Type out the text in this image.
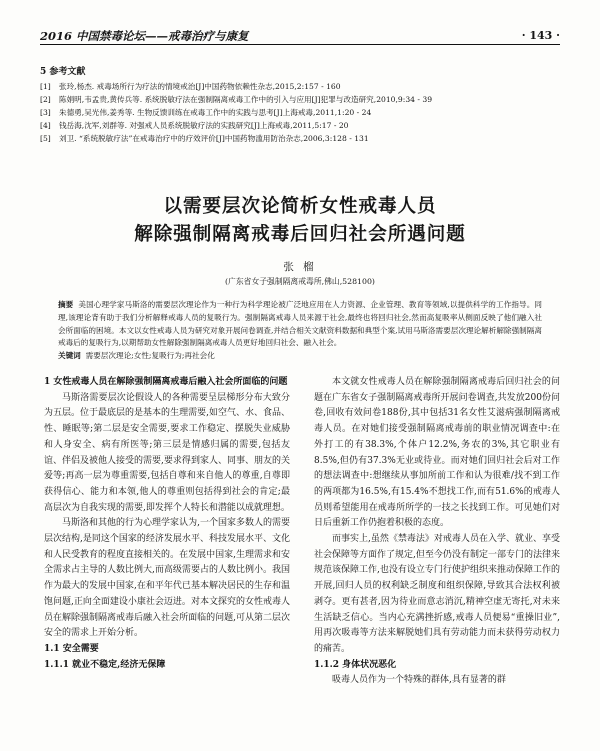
2016 中国禁毒论坛——戒毒治疗与康复	· 143 ·
5 参考文献
[1] 张玲,杨杰. 戒毒场所行为疗法的情境戒治[J]中国药物依赖性杂志,2015,2:157 - 160
[2] 陈娟明,韦孟贵,黄传兵等. 系统脱敏疗法在强制隔离戒毒工作中的引入与应用[J]犯罪与改造研究,2010,9:34 - 39
[3] 朱德勇,吴光伟,姜秀等. 生物反馈训练在戒毒工作中的实践与思考[J]上海戒毒,2011,1:20 - 24
[4] 钱岳海,沈军,刘群等. 对强戒人员系统脱敏疗法的实践研究[J]上海戒毒,2011,5:17 - 20
[5] 刘卫. “系统脱敏疗法”在戒毒治疗中的疗效评价[J]中国药物滥用防治杂志,2006,3:128 - 131
以需要层次论简析女性戒毒人员
解除强制隔离戒毒后回归社会所遇问题
张 榴
(广东省女子强制隔离戒毒所,佛山,528100)
摘要 美国心理学家马斯洛的需要层次理论作为一种行为科学理论被广泛地应用在人力资源、企业管理、教育等领域,以提供科学的工作指导。同理,该理论背有助于我们分析解释戒毒人员的复吸行为。强制隔离戒毒人员来源于社会,最终也将回归社会,然而高复吸率从侧面反映了他们融入社会所面临的困境。本文以女性戒毒人员为研究对象开展问卷调查,并结合相关文献资料数据和典型个案,试用马斯洛需要层次理论解析解除强制隔离戒毒后的复吸行为,以期帮助女性解除强制隔离戒毒人员更好地回归社会、融入社会。
关键词 需要层次理论;女性;复吸行为;再社会化
1 女性戒毒人员在解除强制隔离戒毒后融入社会所面临的问题

马斯洛需要层次论假设人的各种需要呈层梯形分布大致分为五层。位于最底层的是基本的生理需要,如空气、水、食品、性、睡眠等;第二层是安全需要,要求工作稳定、摆脱失业威胁和人身安全、病有所医等;第三层是情感归属的需要,包括友谊、伴侣及被他人接受的需要,要求得到家人、同事、朋友的关爱等;再高一层为尊重需要,包括自尊和来自他人的尊重,自尊即获得信心、能力和本领,他人的尊重则包括得到社会的肯定;最高层次为自我实现的需要,即发挥个人特长和潜能以成就理想。

马斯洛和其他的行为心理学家认为,一个国家多数人的需要层次结构,是同这个国家的经济发展水平、科技发展水平、文化和人民受教育的程度直接相关的。在发展中国家,生理需求和安全需求占主导的人数比例大,而高级需要占的人数比例小。我国作为最大的发展中国家,在和平年代已基本解决居民的生存和温饱问题,正向全面建设小康社会迈进。对本文探究的女性戒毒人员在解除强制隔离戒毒后融入社会所面临的问题,可从第二层次安全的需求上开始分析。

1.1 安全需要
1.1.1 就业不稳定,经济无保障

本文就女性戒毒人员在解除强制隔离戒毒后回归社会的问题在广东省女子强制隔离戒毒所开展问卷调查,共发放200份问卷,回收有效问卷188份,其中包括31名女性艾滋病强制隔离戒毒人员。在对她们接受强制隔离戒毒前的职业情况调查中:在外打工的有38.3%,个体户12.2%,务农的3%,其它职业有8.5%,但仍有37.3%无业或待业。而对她们回归社会后对工作的想法调查中:想继续从事加所前工作和认为很难/找不到工作的两项都为16.5%,有15.4%不想找工作,而有51.6%的戒毒人员则希望能用在戒毒所所学的一技之长找到工作。可见她们对日后重新工作仍抱着积极的态度。

而事实上,虽然《禁毒法》对戒毒人员在入学、就业、享受社会保障等方面作了规定,但至今仍没有制定一部专门的法律来规范该保障工作,也没有设立专门行使护组织来推动保障工作的开展,回归人员的权利缺乏制度和组织保障,导致其合法权利被剥夺。更有甚者,因为待业而意志消沉,精神空虚无寄托,对未来生活缺乏信心。当内心充满挫折感,戒毒人员便易“重操旧业”,用再次吸毒等方法来解脱她们具有劳动能力而未获得劳动权力的痛苦。

1.1.2 身体状况恶化

吸毒人员作为一个特殊的群体,具有显著的群
